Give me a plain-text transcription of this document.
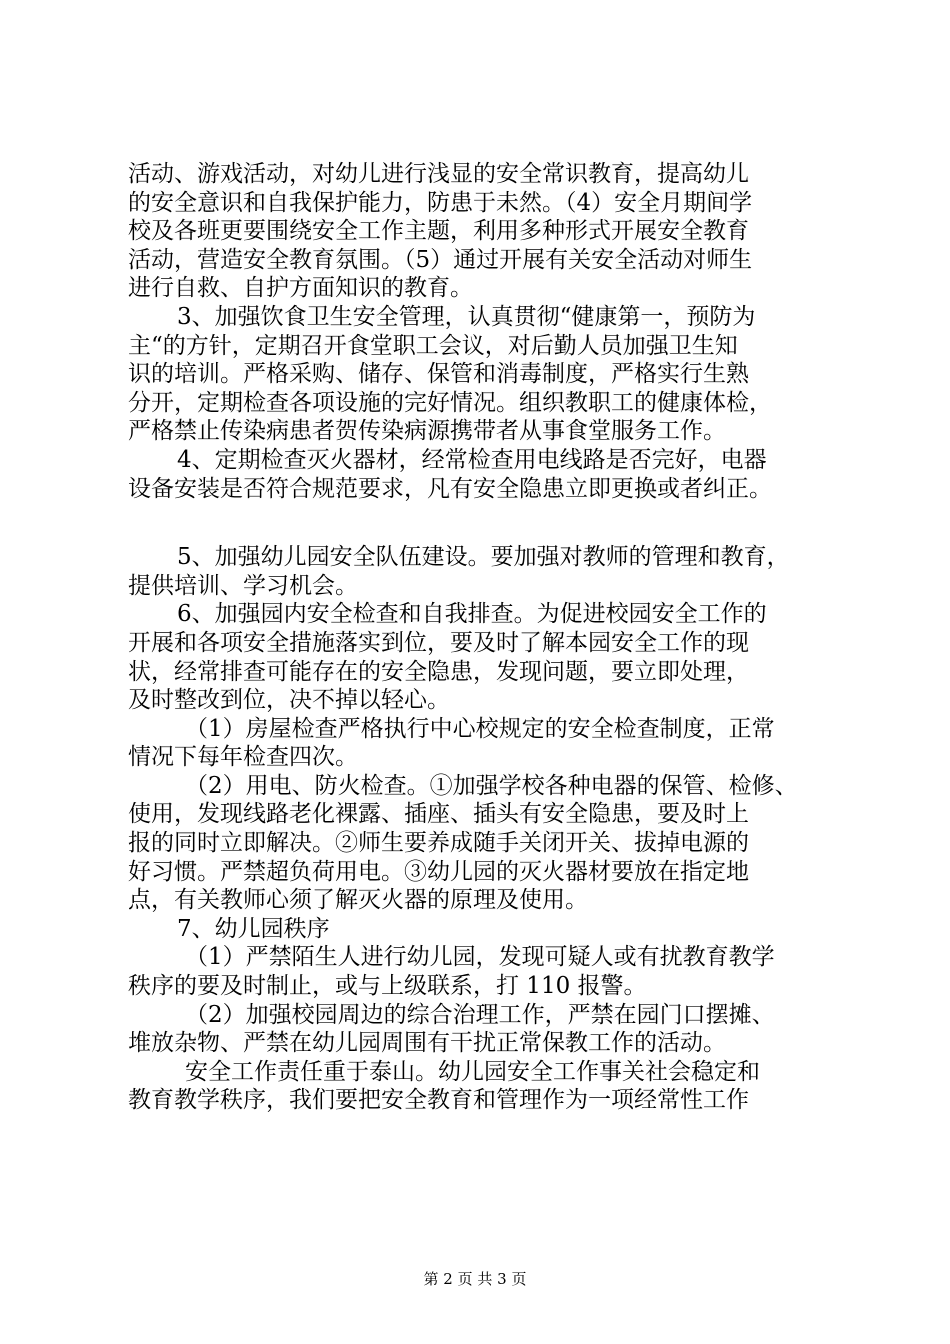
活动、游戏活动，对幼儿进行浅显的安全常识教育，提高幼儿
的安全意识和自我保护能力，防患于未然。（4）安全月期间学
校及各班更要围绕安全工作主题，利用多种形式开展安全教育
活动，营造安全教育氛围。（5）通过开展有关安全活动对师生
进行自救、自护方面知识的教育。
3、加强饮食卫生安全管理，认真贯彻“健康第一，预防为
主“的方针，定期召开食堂职工会议，对后勤人员加强卫生知
识的培训。严格采购、储存、保管和消毒制度，严格实行生熟
分开，定期检查各项设施的完好情况。组织教职工的健康体检，
严格禁止传染病患者贺传染病源携带者从事食堂服务工作。
4、定期检查灭火器材，经常检查用电线路是否完好，电器
设备安装是否符合规范要求，凡有安全隐患立即更换或者纠正。
5、加强幼儿园安全队伍建设。要加强对教师的管理和教育，
提供培训、学习机会。
6、加强园内安全检查和自我排查。为促进校园安全工作的
开展和各项安全措施落实到位，要及时了解本园安全工作的现
状，经常排查可能存在的安全隐患，发现问题，要立即处理，
及时整改到位，决不掉以轻心。
（1）房屋检查严格执行中心校规定的安全检查制度，正常
情况下每年检查四次。
（2）用电、防火检查。①加强学校各种电器的保管、检修、
使用，发现线路老化裸露、插座、插头有安全隐患，要及时上
报的同时立即解决。②师生要养成随手关闭开关、拔掉电源的
好习惯。严禁超负荷用电。③幼儿园的灭火器材要放在指定地
点，有关教师心须了解灭火器的原理及使用。
7、幼儿园秩序
（1）严禁陌生人进行幼儿园，发现可疑人或有扰教育教学
秩序的要及时制止，或与上级联系，打 110 报警。
（2）加强校园周边的综合治理工作，严禁在园门口摆摊、
堆放杂物、严禁在幼儿园周围有干扰正常保教工作的活动。
安全工作责任重于泰山。幼儿园安全工作事关社会稳定和
教育教学秩序，我们要把安全教育和管理作为一项经常性工作
第 2 页 共 3 页
